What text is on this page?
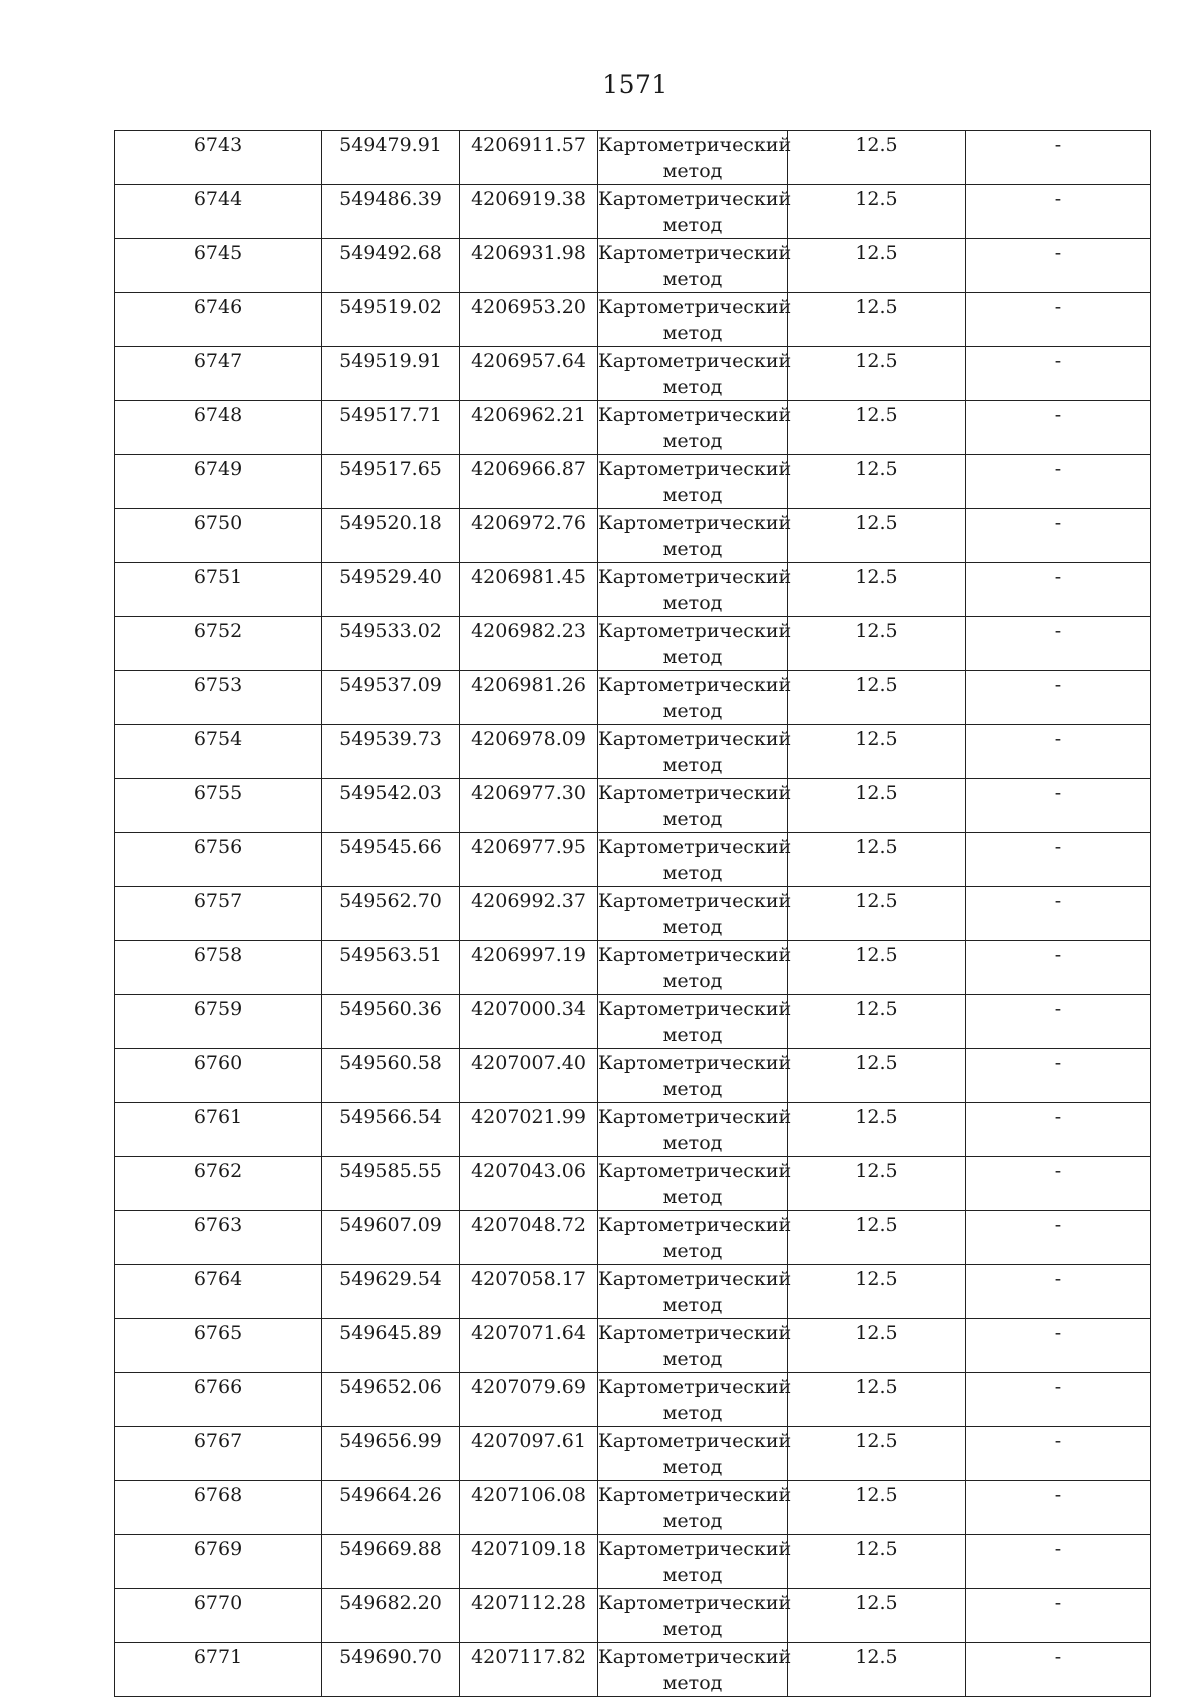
1571
6743	549479.91	4206911.57	Картометрический метод	12.5	-
6744	549486.39	4206919.38	Картометрический метод	12.5	-
6745	549492.68	4206931.98	Картометрический метод	12.5	-
6746	549519.02	4206953.20	Картометрический метод	12.5	-
6747	549519.91	4206957.64	Картометрический метод	12.5	-
6748	549517.71	4206962.21	Картометрический метод	12.5	-
6749	549517.65	4206966.87	Картометрический метод	12.5	-
6750	549520.18	4206972.76	Картометрический метод	12.5	-
6751	549529.40	4206981.45	Картометрический метод	12.5	-
6752	549533.02	4206982.23	Картометрический метод	12.5	-
6753	549537.09	4206981.26	Картометрический метод	12.5	-
6754	549539.73	4206978.09	Картометрический метод	12.5	-
6755	549542.03	4206977.30	Картометрический метод	12.5	-
6756	549545.66	4206977.95	Картометрический метод	12.5	-
6757	549562.70	4206992.37	Картометрический метод	12.5	-
6758	549563.51	4206997.19	Картометрический метод	12.5	-
6759	549560.36	4207000.34	Картометрический метод	12.5	-
6760	549560.58	4207007.40	Картометрический метод	12.5	-
6761	549566.54	4207021.99	Картометрический метод	12.5	-
6762	549585.55	4207043.06	Картометрический метод	12.5	-
6763	549607.09	4207048.72	Картометрический метод	12.5	-
6764	549629.54	4207058.17	Картометрический метод	12.5	-
6765	549645.89	4207071.64	Картометрический метод	12.5	-
6766	549652.06	4207079.69	Картометрический метод	12.5	-
6767	549656.99	4207097.61	Картометрический метод	12.5	-
6768	549664.26	4207106.08	Картометрический метод	12.5	-
6769	549669.88	4207109.18	Картометрический метод	12.5	-
6770	549682.20	4207112.28	Картометрический метод	12.5	-
6771	549690.70	4207117.82	Картометрический метод	12.5	-
